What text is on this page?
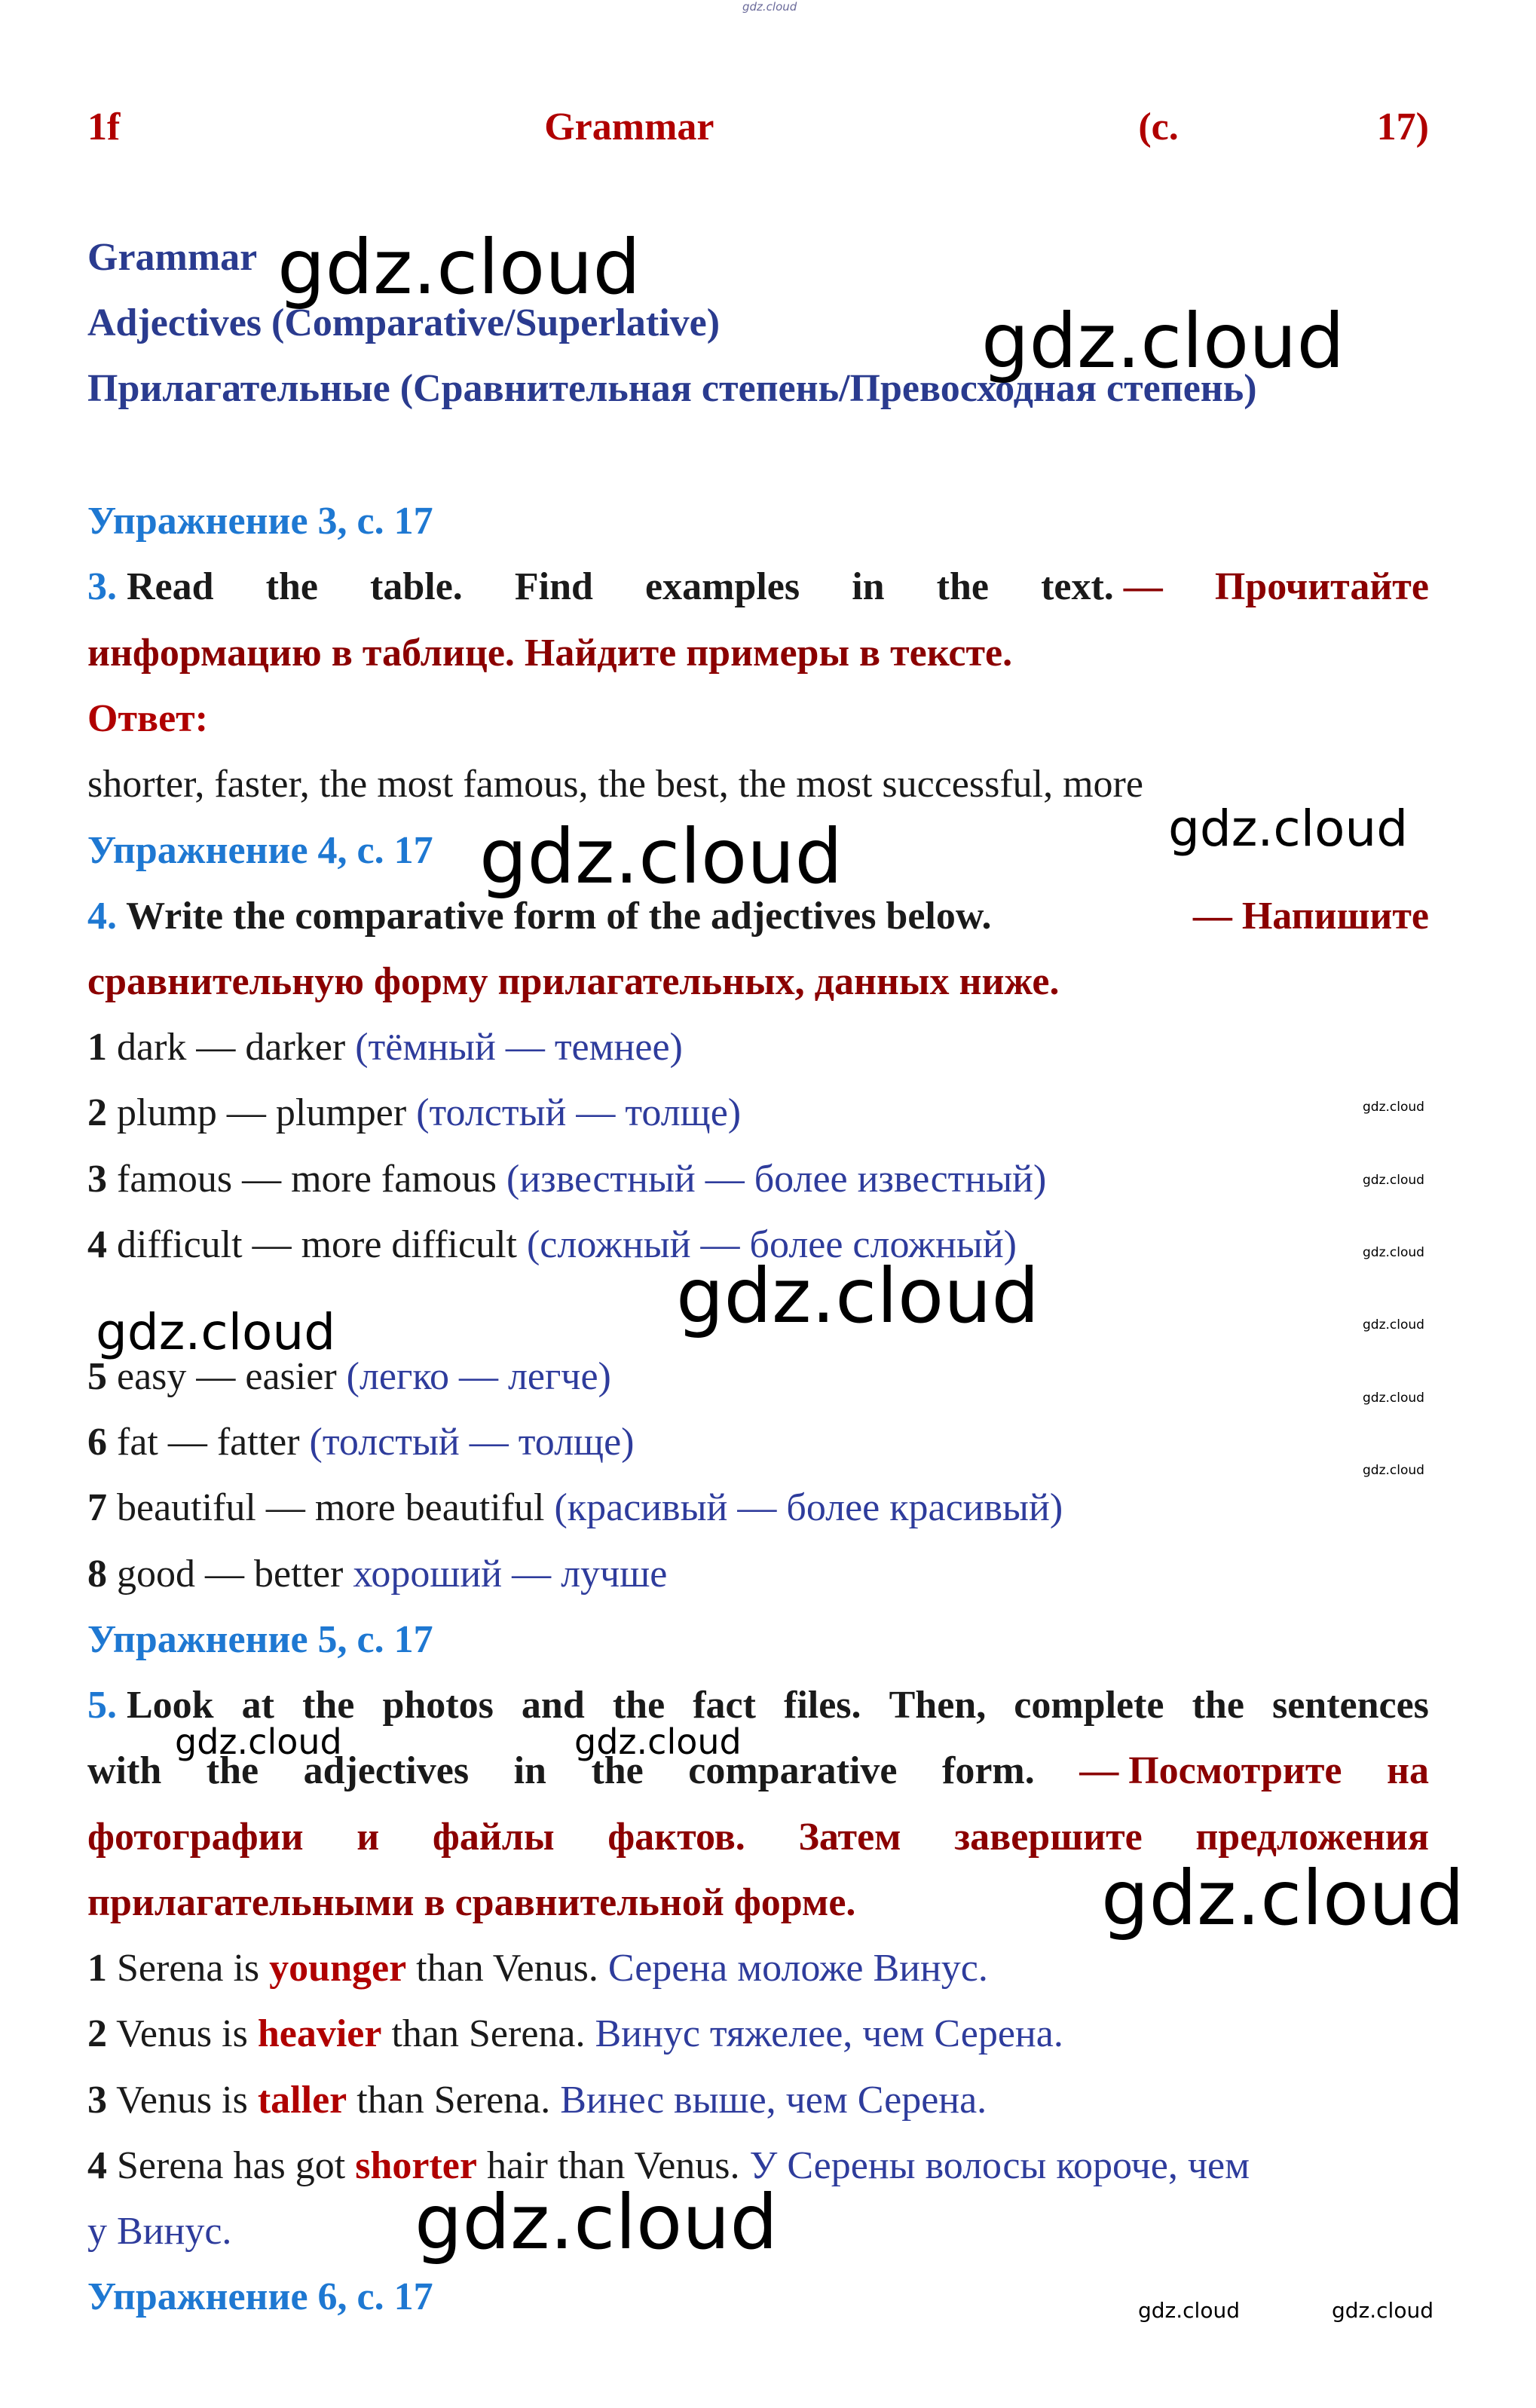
1f	Grammar	(с.	17)
Grammar
Adjectives (Comparative/Superlative)
Прилагательные (Сравнительная степень/Превосходная степень)
Упражнение 3, с. 17
3. Read the table. Find examples in the text. — Прочитайте
информацию в таблице. Найдите примеры в тексте.
Ответ:
shorter, faster, the most famous, the best, the most successful, more
Упражнение 4, с. 17
4. Write the comparative form of the adjectives below.	— Напишите
сравнительную форму прилагательных, данных ниже.
1 dark — darker (тёмный — темнее)
2 plump — plumper (толстый — толще)
3 famous — more famous (известный — более известный)
4 difficult — more difficult (сложный — более сложный)
5 easy — easier (легко — легче)
6 fat — fatter (толстый — толще)
7 beautiful — more beautiful (красивый — более красивый)
8 good — better хороший — лучше
Упражнение 5, с. 17
5. Look at the photos and the fact files. Then, complete the sentences
with the adjectives in the comparative form. — Посмотрите на
фотографии и файлы фактов. Затем завершите предложения
прилагательными в сравнительной форме.
1 Serena is younger than Venus. Серена моложе Винус.
2 Venus is heavier than Serena. Винус тяжелее, чем Серена.
3 Venus is taller than Serena. Винес выше, чем Серена.
4 Serena has got shorter hair than Venus. У Серены волосы короче, чем
у Винус.
Упражнение 6, с. 17
gdz.cloud
gdz.cloud
gdz.cloud
gdz.cloud
gdz.cloud
gdz.cloud
gdz.cloud
gdz.cloud
gdz.cloud
gdz.cloud
gdz.cloud
gdz.cloud
gdz.cloud
gdz.cloud	gdz.cloud
gdz.cloud
gdz.cloud
gdz.cloud	gdz.cloud
